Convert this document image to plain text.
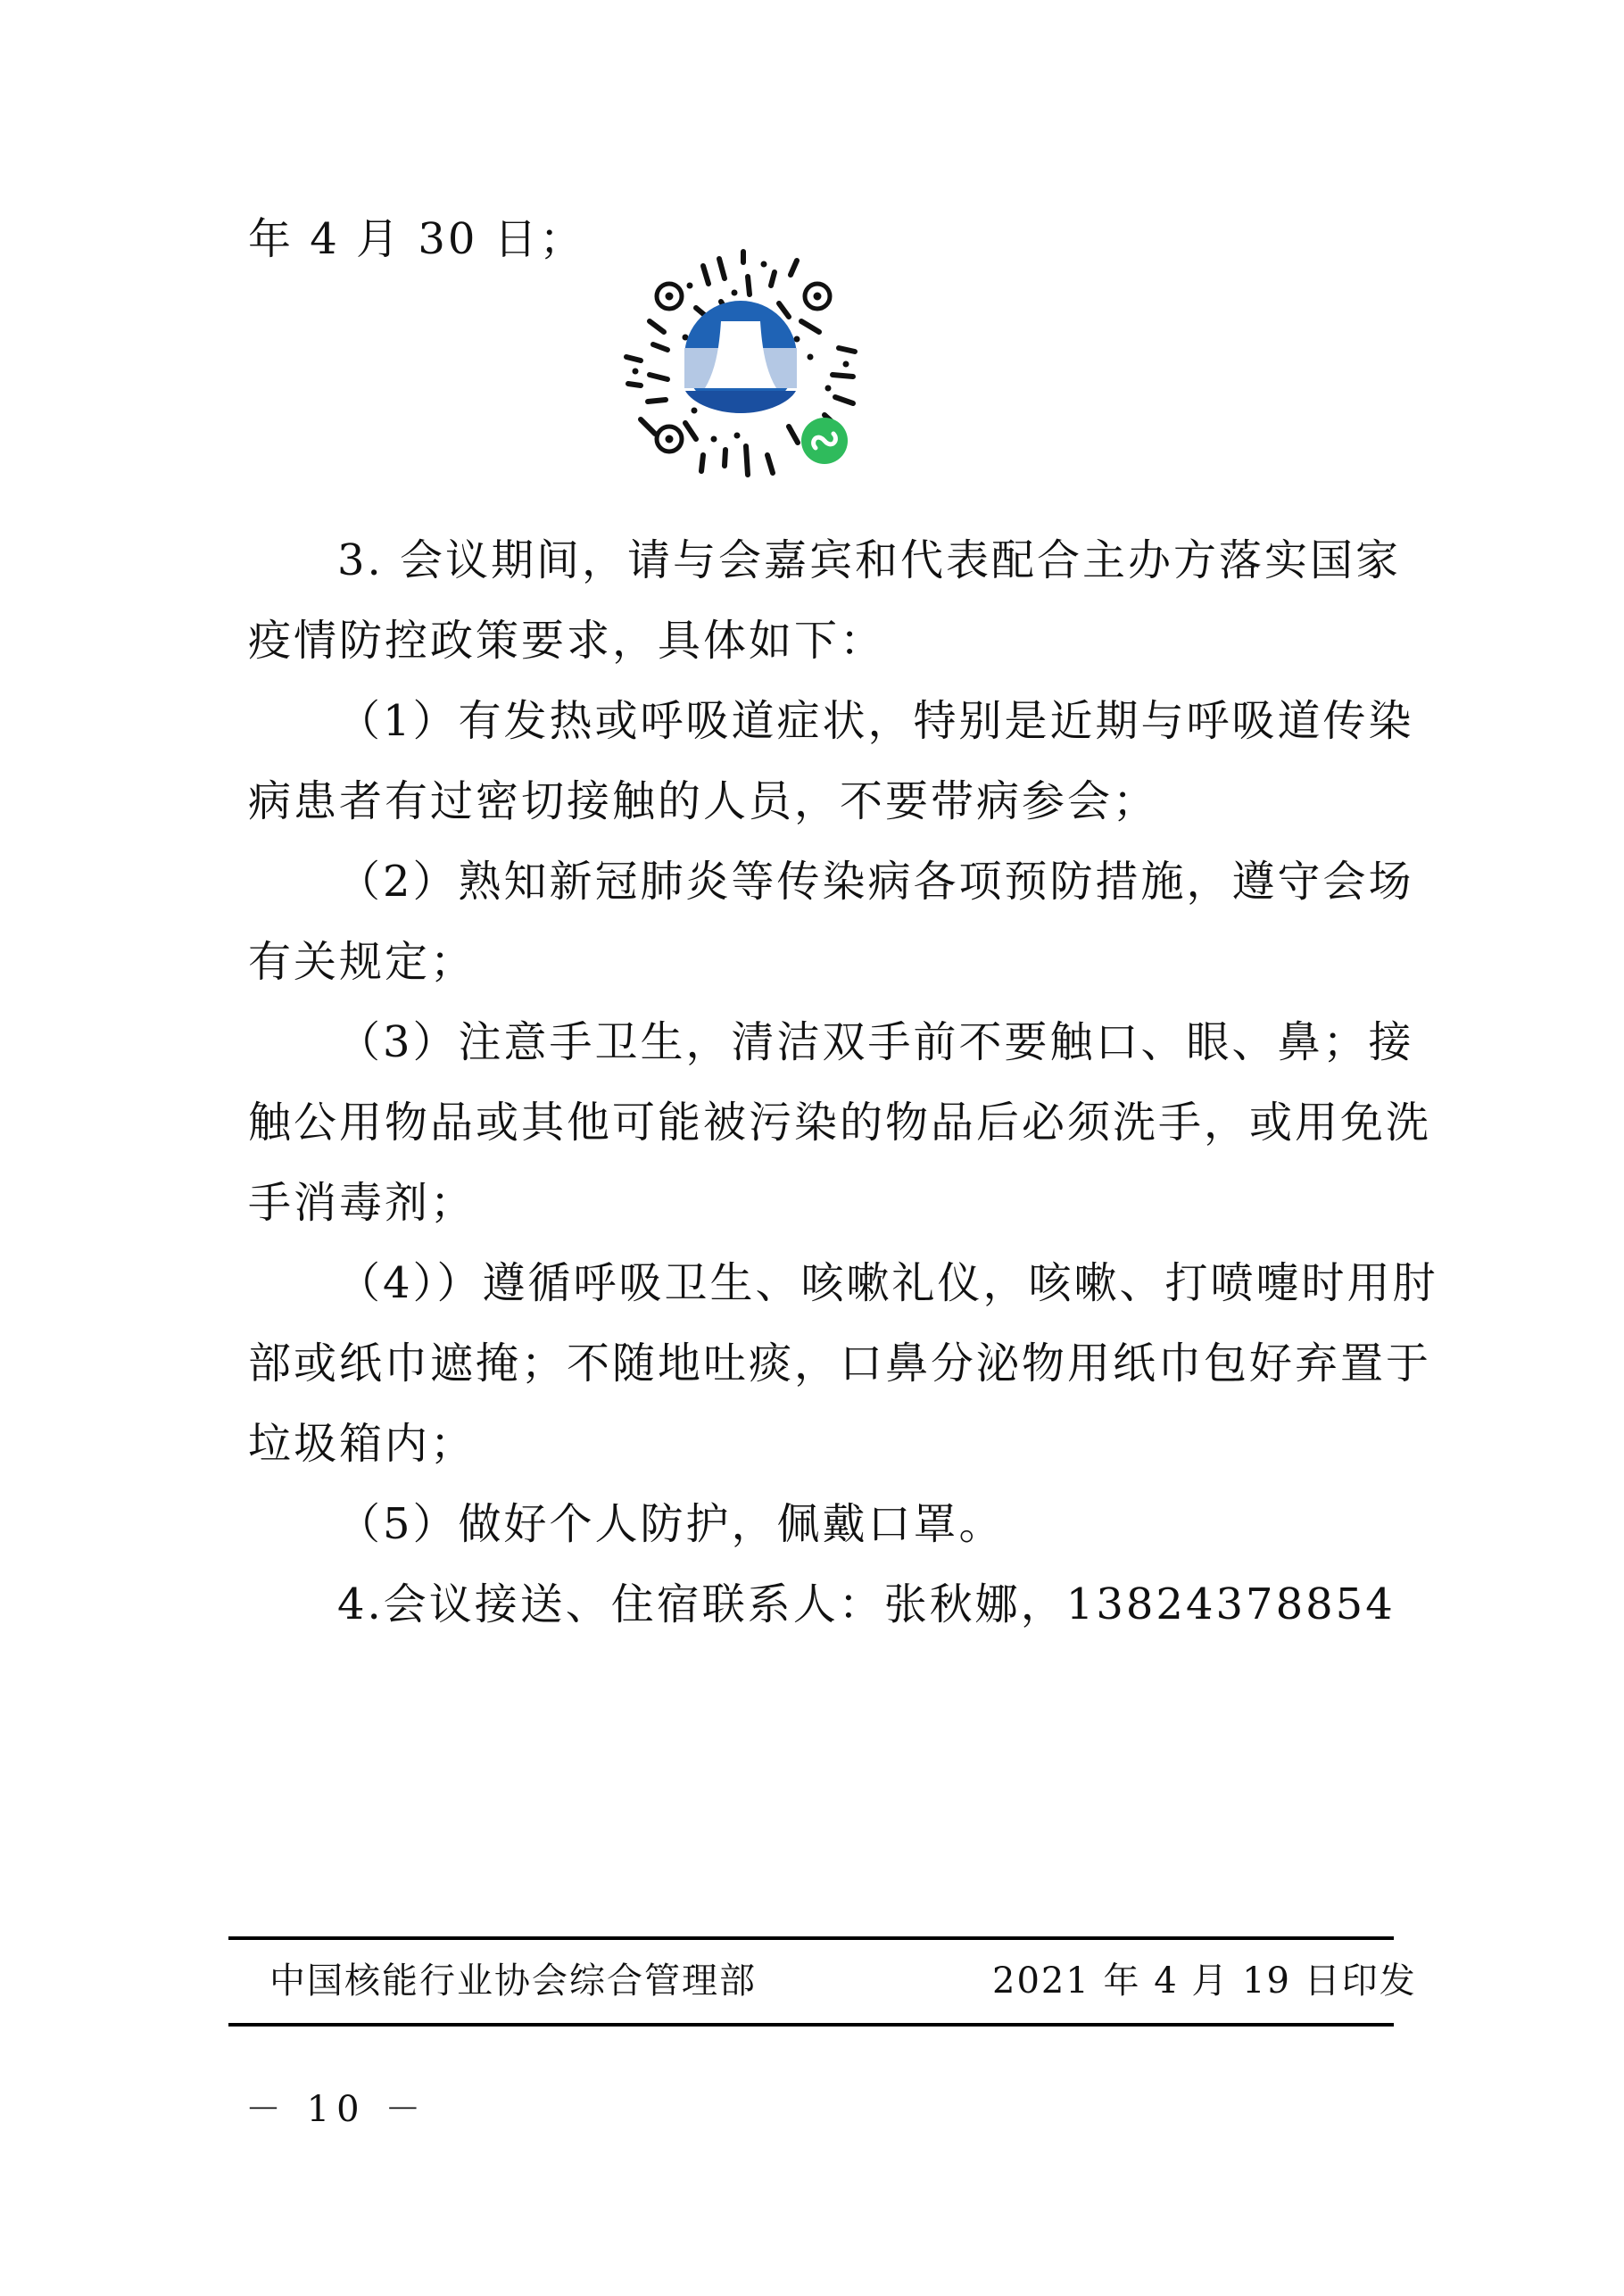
年 4 月 30 日；
3. 会议期间，请与会嘉宾和代表配合主办方落实国家
疫情防控政策要求，具体如下：
（1）有发热或呼吸道症状，特别是近期与呼吸道传染
病患者有过密切接触的人员，不要带病参会；
（2）熟知新冠肺炎等传染病各项预防措施，遵守会场
有关规定；
（3）注意手卫生，清洁双手前不要触口、眼、鼻；接
触公用物品或其他可能被污染的物品后必须洗手，或用免洗
手消毒剂；
（4））遵循呼吸卫生、咳嗽礼仪，咳嗽、打喷嚏时用肘
部或纸巾遮掩；不随地吐痰，口鼻分泌物用纸巾包好弃置于
垃圾箱内；
（5）做好个人防护，佩戴口罩。
4.会议接送、住宿联系人：张秋娜，13824378854
中国核能行业协会综合管理部	2021 年 4 月 19 日印发
－ 10 －
